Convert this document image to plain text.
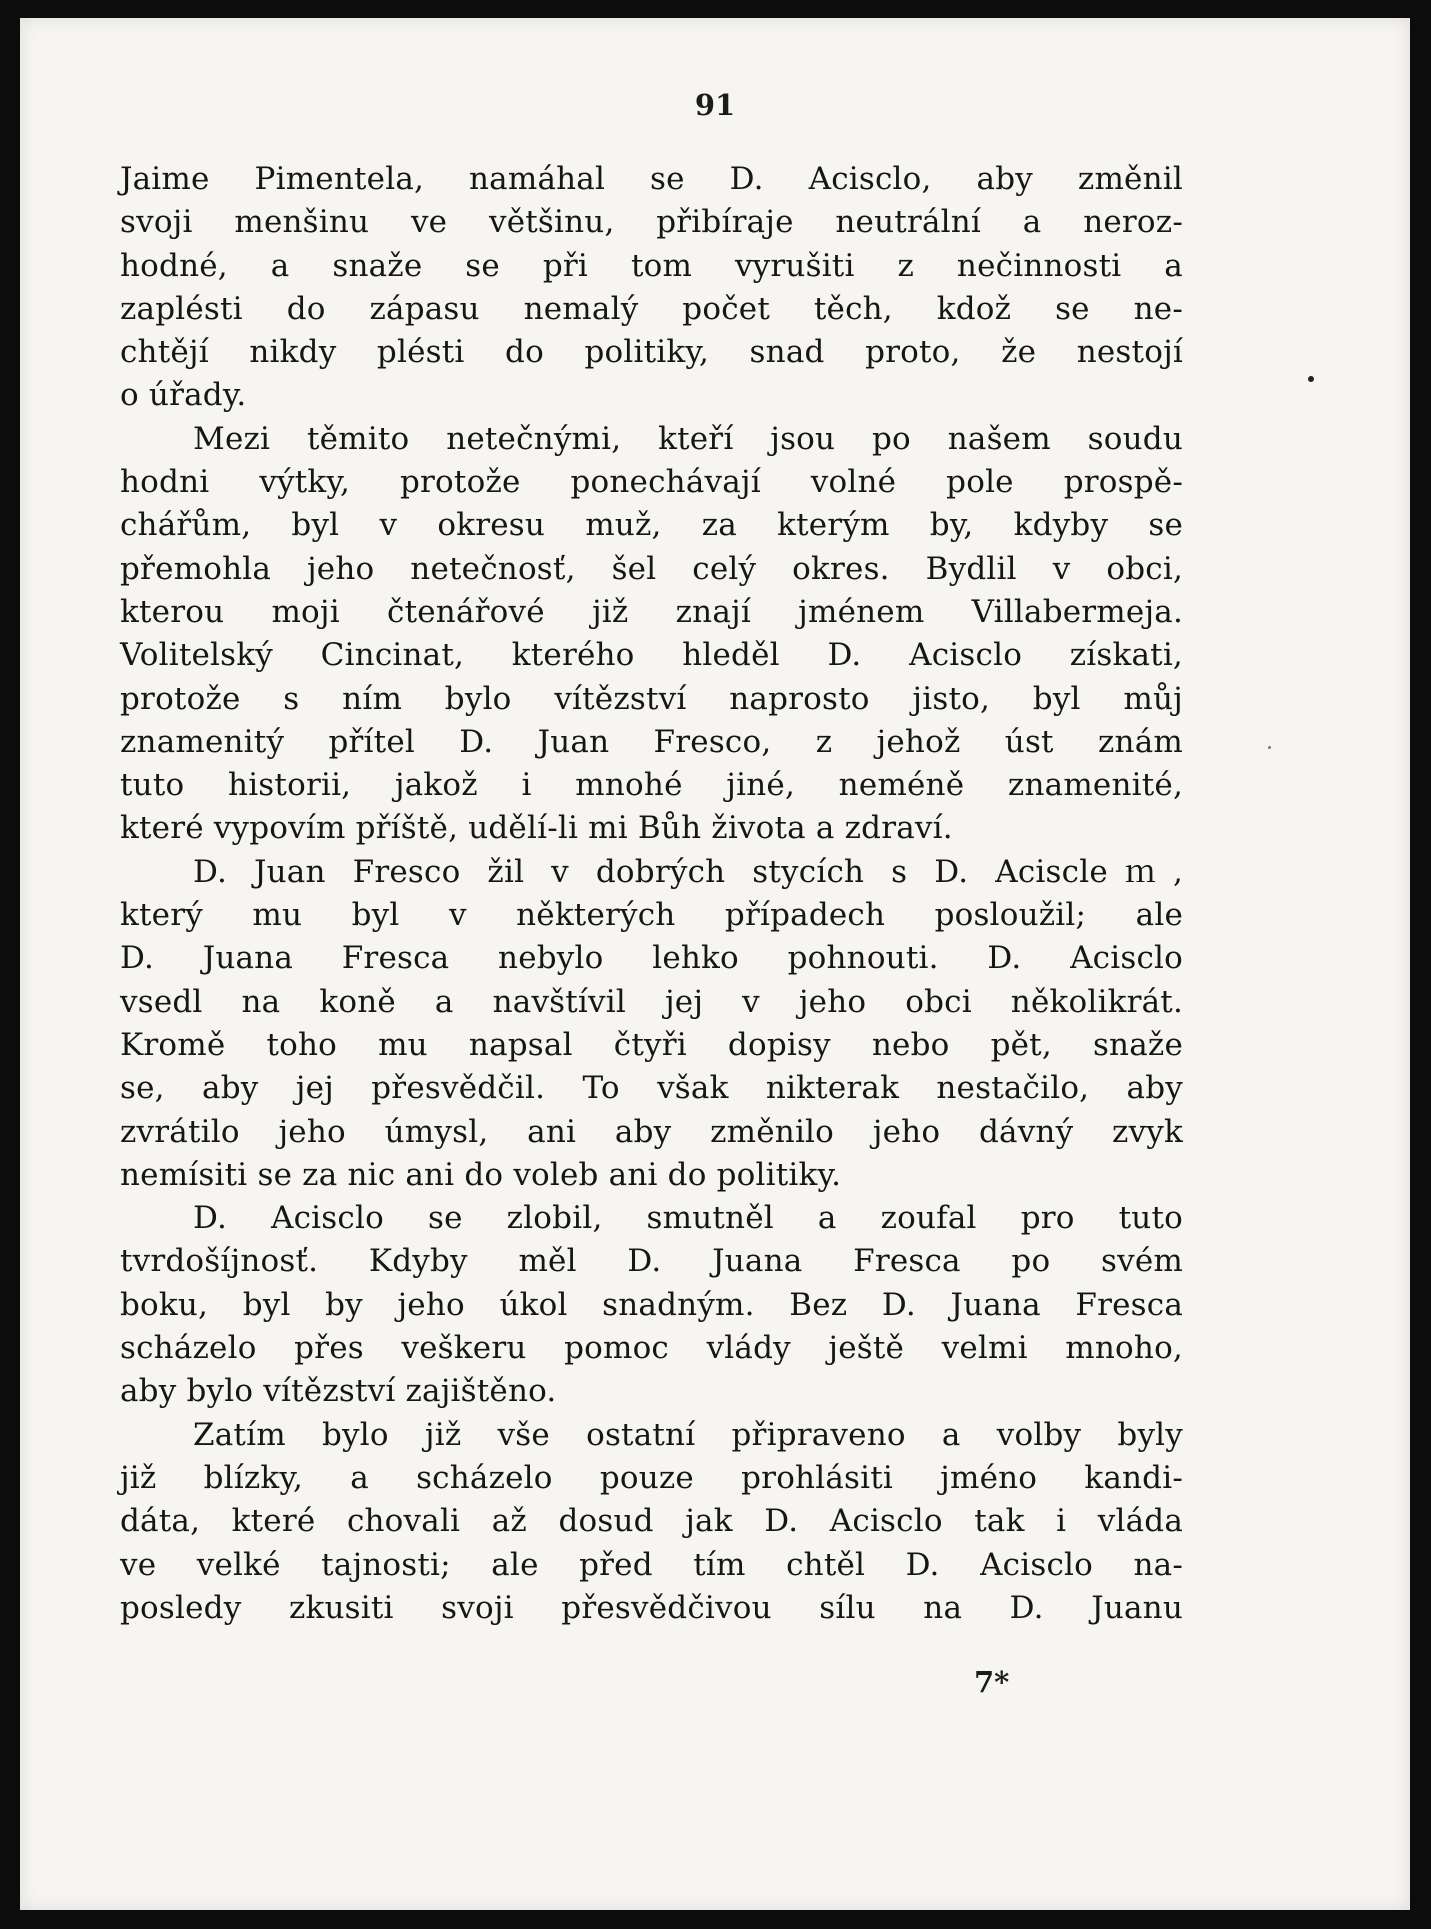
91
Jaime Pimentela, namáhal se D. Acisclo, aby změnil
svoji menšinu ve většinu, přibíraje neutrální a neroz-
hodné, a snaže se při tom vyrušiti z nečinnosti a
zaplésti do zápasu nemalý počet těch, kdož se ne-
chtějí nikdy plésti do politiky, snad proto, že nestojí
o úřady.
Mezi těmito netečnými, kteří jsou po našem soudu
hodni výtky, protože ponechávají volné pole prospě-
chářům, byl v okresu muž, za kterým by, kdyby se
přemohla jeho netečnosť, šel celý okres. Bydlil v obci,
kterou moji čtenářové již znají jménem Villabermeja.
Volitelský Cincinat, kterého hleděl D. Acisclo získati,
protože s ním bylo vítězství naprosto jisto, byl můj
znamenitý přítel D. Juan Fresco, z jehož úst znám
tuto historii, jakož i mnohé jiné, neméně znamenité,
které vypovím příště, udělí-li mi Bůh života a zdraví.
D. Juan Fresco žil v dobrých stycích s D. Aciscleｍ,
který mu byl v některých případech posloužil; ale
D. Juana Fresca nebylo lehko pohnouti. D. Acisclo
vsedl na koně a navštívil jej v jeho obci několikrát.
Kromě toho mu napsal čtyři dopisy nebo pět, snaže
se, aby jej přesvědčil. To však nikterak nestačilo, aby
zvrátilo jeho úmysl, ani aby změnilo jeho dávný zvyk
nemísiti se za nic ani do voleb ani do politiky.
D. Acisclo se zlobil, smutněl a zoufal pro tuto
tvrdošíjnosť. Kdyby měl D. Juana Fresca po svém
boku, byl by jeho úkol snadným. Bez D. Juana Fresca
scházelo přes veškeru pomoc vlády ještě velmi mnoho,
aby bylo vítězství zajištěno.
Zatím bylo již vše ostatní připraveno a volby byly
již blízky, a scházelo pouze prohlásiti jméno kandi-
dáta, které chovali až dosud jak D. Acisclo tak i vláda
ve velké tajnosti; ale před tím chtěl D. Acisclo na-
posledy zkusiti svoji přesvědčivou sílu na D. Juanu
7*
